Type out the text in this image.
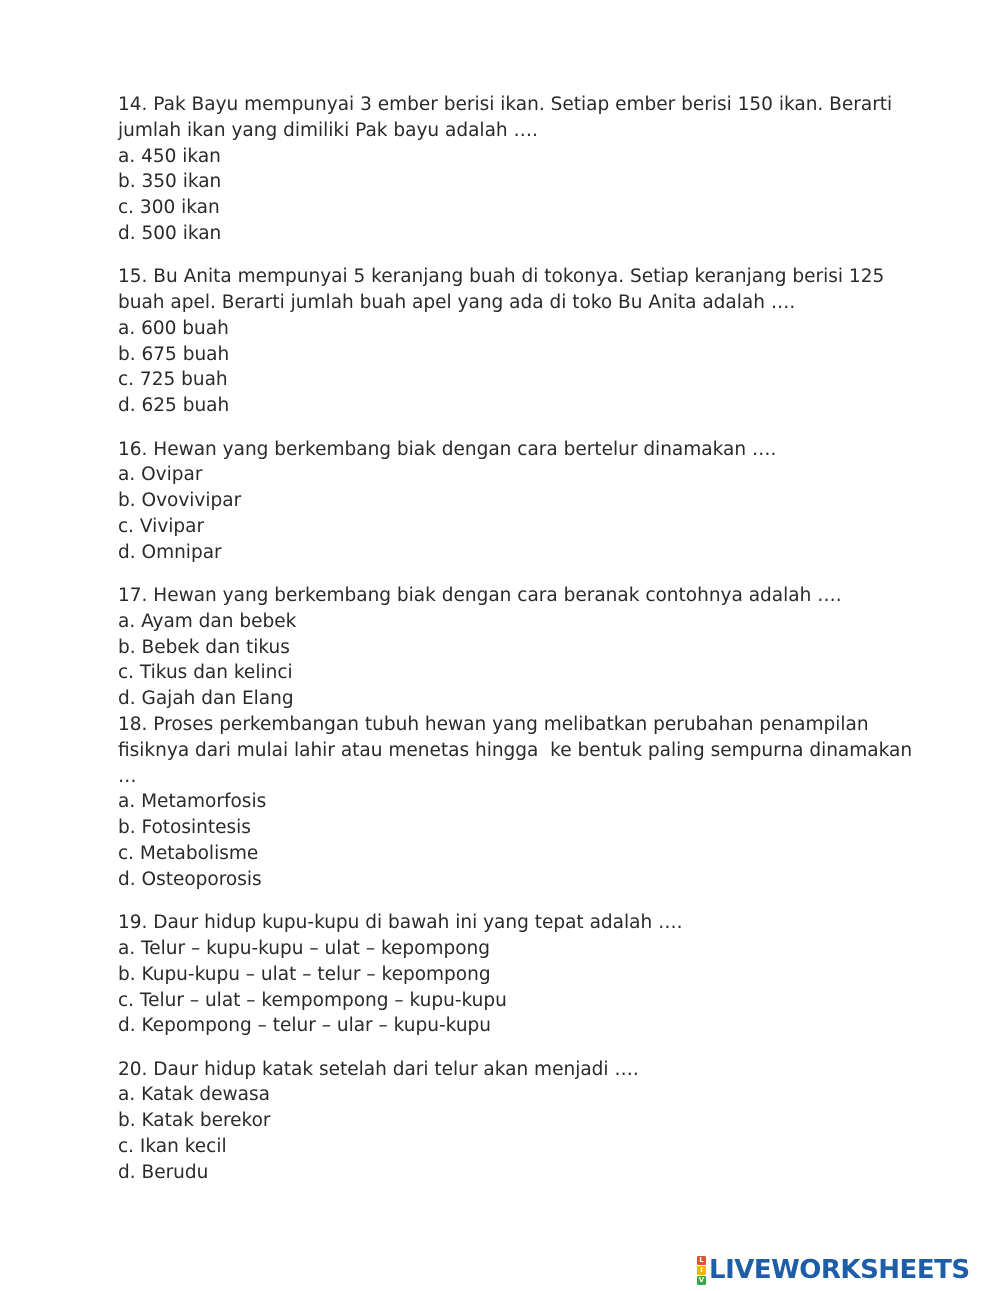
14. Pak Bayu mempunyai 3 ember berisi ikan. Setiap ember berisi 150 ikan. Berarti

jumlah ikan yang dimiliki Pak bayu adalah ….

a. 450 ikan

b. 350 ikan

c. 300 ikan

d. 500 ikan

15. Bu Anita mempunyai 5 keranjang buah di tokonya. Setiap keranjang berisi 125

buah apel. Berarti jumlah buah apel yang ada di toko Bu Anita adalah ….

a. 600 buah

b. 675 buah

c. 725 buah

d. 625 buah

16. Hewan yang berkembang biak dengan cara bertelur dinamakan ….

a. Ovipar

b. Ovovivipar

c. Vivipar

d. Omnipar

17. Hewan yang berkembang biak dengan cara beranak contohnya adalah ….

a. Ayam dan bebek

b. Bebek dan tikus

c. Tikus dan kelinci

d. Gajah dan Elang

18. Proses perkembangan tubuh hewan yang melibatkan perubahan penampilan

fisiknya dari mulai lahir atau menetas hingga  ke bentuk paling sempurna dinamakan …

a. Metamorfosis

b. Fotosintesis

c. Metabolisme

d. Osteoporosis

19. Daur hidup kupu-kupu di bawah ini yang tepat adalah ….

a. Telur – kupu-kupu – ulat – kepompong

b. Kupu-kupu – ulat – telur – kepompong

c. Telur – ulat – kempompong – kupu-kupu

d. Kepompong – telur – ular – kupu-kupu

20. Daur hidup katak setelah dari telur akan menjadi ….

a. Katak dewasa

b. Katak berekor

c. Ikan kecil

d. Berudu

L
I
V LIVEWORKSHEETS
